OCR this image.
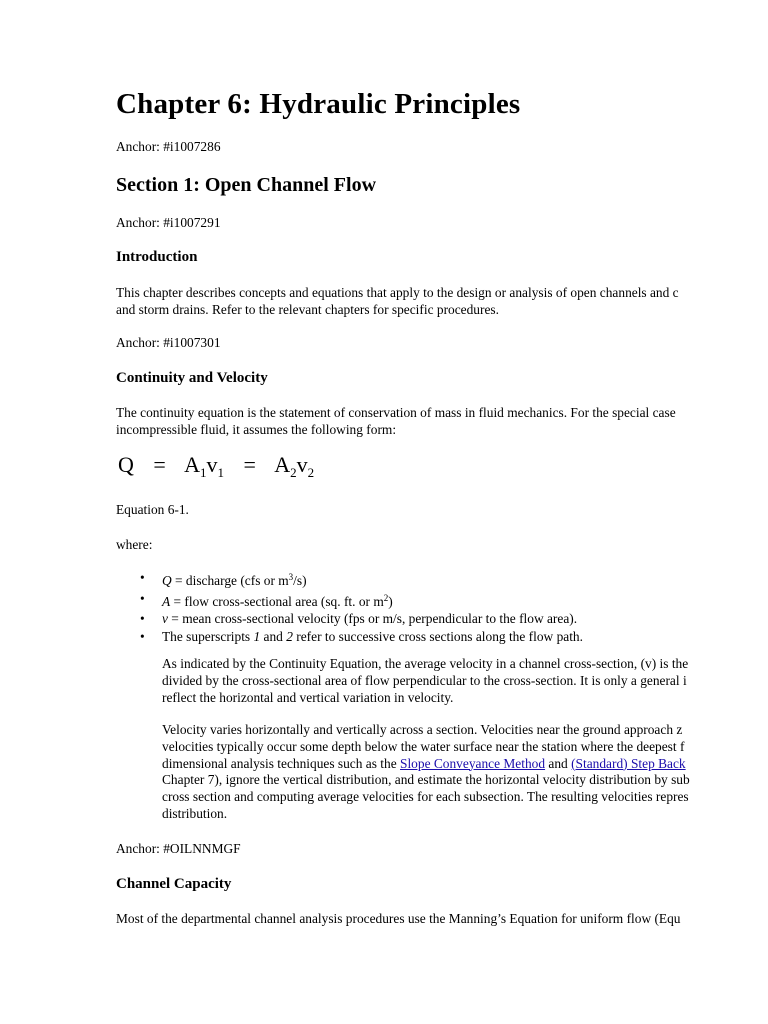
Chapter 6: Hydraulic Principles
Anchor: #i1007286
Section 1: Open Channel Flow
Anchor: #i1007291
Introduction
This chapter describes concepts and equations that apply to the design or analysis of open channels and c
and storm drains. Refer to the relevant chapters for specific procedures.
Anchor: #i1007301
Continuity and Velocity
The continuity equation is the statement of conservation of mass in fluid mechanics. For the special case
incompressible fluid, it assumes the following form:
$Q = A_1v_1 = A_2v_2$
Equation 6-1.
where:
• Q = discharge (cfs or $m^3/s$)
• A = flow cross-sectional area (sq. ft. or $m^2$)
• v = mean cross-sectional velocity (fps or m/s, perpendicular to the flow area).
• The superscripts 1 and 2 refer to successive cross sections along the flow path.
As indicated by the Continuity Equation, the average velocity in a channel cross-section, (v) is the
divided by the cross-sectional area of flow perpendicular to the cross-section. It is only a general i
reflect the horizontal and vertical variation in velocity.
Velocity varies horizontally and vertically across a section. Velocities near the ground approach z
velocities typically occur some depth below the water surface near the station where the deepest f
dimensional analysis techniques such as the Slope Conveyance Method and (Standard) Step Back
Chapter 7), ignore the vertical distribution, and estimate the horizontal velocity distribution by sub
cross section and computing average velocities for each subsection. The resulting velocities repres
distribution.
Anchor: #OILNNMGF
Channel Capacity
Most of the departmental channel analysis procedures use the Manning’s Equation for uniform flow (Equ
